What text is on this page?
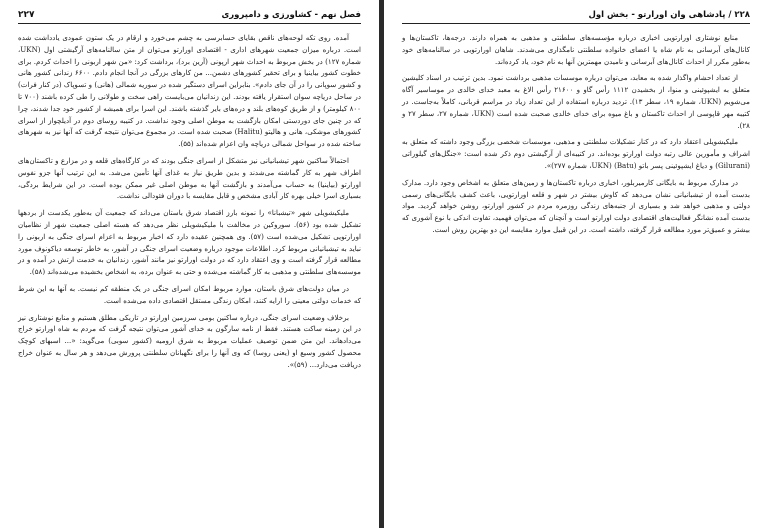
فصل نهم - کشاورزی و دامپروری
۲۲۷

آمده. روی تکه لوحه‌های ناقص بقایای حسابرسی به چشم می‌خورد و ارقام در یک ستون عمودی یادداشت شده است. درباره میزان جمعیت شهرهای اداری - اقتصادی اورارتو می‌توان از متن سالنامه‌های آرگیشتی اول (UKN، شماره ۱۲۷) در بخش مربوط به احداث شهر ارپونی (آرین برد)، برداشت کرد: «من شهر اربونی را احداث کردم. برای خطوت کشور بیاینیا و برای تحقیر کشورهای دشمن... من کارهای بزرگی در آنجا انجام دادم. ۶۶۰۰ زندانی کشور هانی و کشور سوپانی را در آن جای دادم». بنابراین اسرای دستگیر شده در سوریه شمالی (هانی) و تسوپاک (در کنار فرات) در ساحل دریاچه سوان استقرار یافته بودند. این زندانیان می‌بایست راهی سخت و طولانی را طی کرده باشند (۷۰۰ تا ۸۰۰ کیلومتر) و از طریق کوه‌های بلند و دره‌های بایر گذشته باشند. این اسرا برای همیشه از کشور خود جدا شدند، چرا که در چنین جای دوردستی امکان بازگشت به موطن اصلی وجود نداشت. در کتیبه روسای دوم در آدیلچواز از اسرای کشورهای موشکی، هانی و هالیتو (Halitu) صحبت شده است. در مجموع می‌توان نتیجه گرفت که آنها نیز به شهرهای ساخته شده در سواحل شمالی دریاچه وان اعزام شده‌اند (۵۵).

احتمالاً ساکنین شهر تیشبانیانی نیز متشکل از اسرای جنگی بودند که در کارگاه‌های قلعه و در مزارع و تاکستان‌های اطراف شهر به کار گماشته می‌شدند و بدین طریق نیاز به غذای آنها تأمین می‌شد. به این ترتیب آنها جزو نفوس اورارتو (بیاینیا) به حساب می‌آمدند و بازگشت آنها به موطن اصلی غیر ممکن بوده است. در این شرایط بردگی، بسیاری اسرا خیلی بهره کار آبادی مشخص و قابل مقایسه با دوران فئودالی نداشت.

ملیکیشویلی شهر «تیشبانا» را نمونه بارز اقتصاد شرق باستان می‌داند که جمعیت آن به‌طور یکدست از بردهها تشکیل شده بود (۵۶). سوروکین در مخالفت با ملیکیشویلی نظر می‌دهد که هسته اصلی جمعیت شهر از نظامیان اورارتویی تشکیل می‌شده است (۵۷). وی همچنین عقیده دارد که اخبار مربوط به اعزام اسرای جنگی به اربونی را نباید به تیشبانیانی مربوط کرد. اطلاعات موجود درباره وضعیت اسرای جنگی در آشور، به خاطر توسعه دیاکونوف مورد مطالعه قرار گرفته است و وی اعتقاد دارد که در دولت اورارتو نیز مانند آشور، زندانیان به خدمت ارتش در آمده و در موسسه‌های سلطنتی و مذهبی به کار گماشته می‌شده و حتی به عنوان برده، به اشخاص بخشیده می‌شده‌اند (۵۸).

در میان دولت‌های شرق باستان، موارد مربوط امکان اسرای جنگی در یک منطقه کم نیست. به آنها به این شرط که خدمات دولتی معینی را ارایه کنند، امکان زندگی مستقل اقتصادی داده می‌شده است.

برخلاف وضعیت اسرای جنگی، درباره ساکنین بومی سرزمین اورارتو در تاریکی مطلق هستیم و منابع نوشتاری نیز در این زمینه ساکت هستند. فقط از نامه سارگون به خدای آشور می‌توان نتیجه گرفت که مردم به شاه اورارتو خراج می‌دادهاند. این متن ضمن توصیف عملیات مربوط به شرق ارومیه (کشور سوبی) می‌گوید: «... اسبهای کوچک محصول کشور وسیع او (یعنی روسا) که وی آنها را برای نگهبانان سلطنتی پرورش می‌دهد و هر سال به عنوان خراج دریافت می‌دارد... (۵۹)».

۲۲۸ / پادشاهی وان اورارتو - بخش اول

منابع نوشتاری اورارتویی اخباری درباره مؤسسه‌های سلطنتی و مذهبی به همراه دارند. درجه‌ها، تاکستان‌ها و کانال‌های آبرسانی به نام شاه یا اعضای خانواده سلطنتی نامگذاری می‌شدند. شاهان اورارتویی در سالنامه‌های خود به‌طور مکرر از احداث کانال‌های آبرسانی و نامیدن مهمترین آنها به نام خود، یاد کرده‌اند.

از تعداد احشام واگذار شده به معابد، می‌توان درباره موسسات مذهبی برداشت نمود. بدین ترتیب در اسناد کلیشین متعلق به ایشپوئینی و منوا، از بخشیدن ۱۱۱۲ رأس گاو و ۲۱۶۰۰ رأس الاغ به معبد خدای خالدی در موساسیر آگاه می‌شویم (UKN، شماره ۱۹، سطر ۱۳). تردید درباره استفاده از این تعداد زیاد در مراسم قربانی، کاملاً به‌جاست. در کتیبه مهر قاپوسی از احداث تاکستان و باغ میوه برای خدای خالدی صحبت شده است (UKN، شماره ۲۷، سطر ۲۷ و ۲۸).

ملیکیشویلی اعتقاد دارد که در کنار تشکیلات سلطنتی و مذهبی، موسسات شخصی بزرگی وجود داشته که متعلق به اشراف و مأمورین عالی رتبه دولت اورارتو بوده‌اند. در کتیبه‌ای از آرگیشتی دوم ذکر شده است: «جنگل‌های گیلوراتی (Gilurani) و دیاغ ایشپوئینی پسر باتو (Batu) (UKN، شماره ۲۷۷)».

در مدارک مربوط به بایگانی کارمیربلور، اخباری درباره تاکستان‌ها و زمین‌های متعلق به اشخاص وجود دارد. مدارک بدست آمده از تیشبانیانی نشان می‌دهد که کاوش بیشتر در شهر و قلعه اورارتویی، باعث کشف بایگانی‌های رسمی دولتی و مذهبی خواهد شد و بسیاری از جنبه‌های زندگی روزمره مردم در کشور اورارتو، روشن خواهد گردید. مواد بدست آمده نشانگر فعالیت‌های اقتصادی دولت اورارتو است و آنچنان که می‌توان فهمید، تفاوت اندکی با نوع آشوری که بیشتر و عمیق‌تر مورد مطالعه قرار گرفته، داشته است. در این قبیل موارد مقایسه این دو بهترین روش است.
